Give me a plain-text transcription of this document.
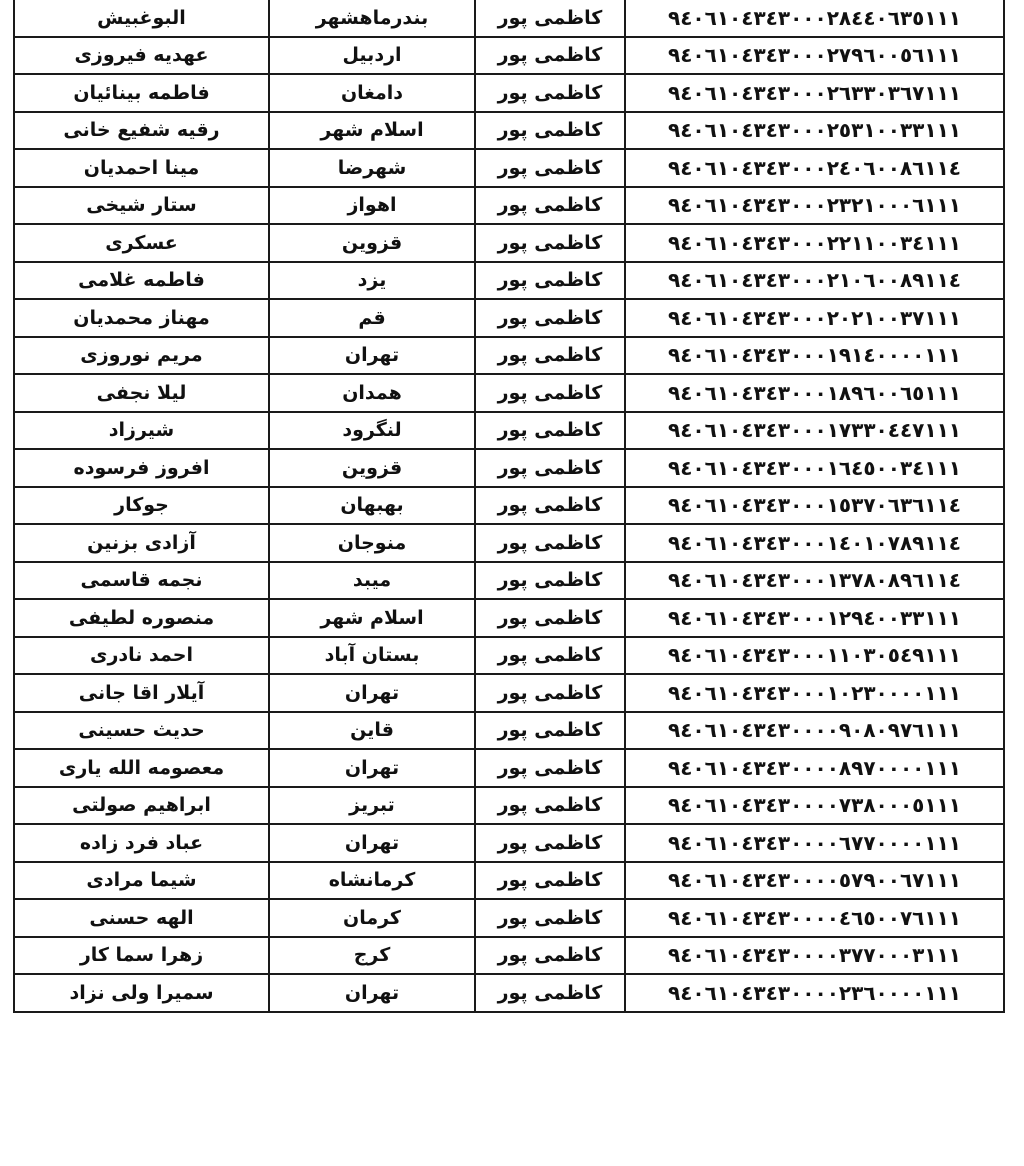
البوغبیش	بندرماهشهر	کاظمی پور	۹٤۰٦۱۰٤۳٤۳۰۰۰۲۸٤٤۰٦۳٥۱۱۱
عهدیه فیروزی	اردبیل	کاظمی پور	۹٤۰٦۱۰٤۳٤۳۰۰۰۲۷۹٦۰۰٥٦۱۱۱
فاطمه بینائیان	دامغان	کاظمی پور	۹٤۰٦۱۰٤۳٤۳۰۰۰۲٦۳۳۰۳٦۷۱۱۱
رقیه شفیع خانی	اسلام شهر	کاظمی پور	۹٤۰٦۱۰٤۳٤۳۰۰۰۲٥۳۱۰۰۳۳۱۱۱
مینا احمدیان	شهرضا	کاظمی پور	۹٤۰٦۱۰٤۳٤۳۰۰۰۲٤۰٦۰۰۸٦۱۱٤
ستار شیخی	اهواز	کاظمی پور	۹٤۰٦۱۰٤۳٤۳۰۰۰۲۳۲۱۰۰۰٦۱۱۱
عسکری	قزوین	کاظمی پور	۹٤۰٦۱۰٤۳٤۳۰۰۰۲۲۱۱۰۰۳٤۱۱۱
فاطمه غلامی	یزد	کاظمی پور	۹٤۰٦۱۰٤۳٤۳۰۰۰۲۱۰٦۰۰۸۹۱۱٤
مهناز محمدیان	قم	کاظمی پور	۹٤۰٦۱۰٤۳٤۳۰۰۰۲۰۲۱۰۰۳۷۱۱۱
مریم نوروزی	تهران	کاظمی پور	۹٤۰٦۱۰٤۳٤۳۰۰۰۱۹۱٤۰۰۰۰۱۱۱
لیلا نجفی	همدان	کاظمی پور	۹٤۰٦۱۰٤۳٤۳۰۰۰۱۸۹٦۰۰٦٥۱۱۱
شیرزاد	لنگرود	کاظمی پور	۹٤۰٦۱۰٤۳٤۳۰۰۰۱۷۳۳۰٤٤۷۱۱۱
افروز فرسوده	قزوین	کاظمی پور	۹٤۰٦۱۰٤۳٤۳۰۰۰۱٦٤٥۰۰۳٤۱۱۱
جوکار	بهبهان	کاظمی پور	۹٤۰٦۱۰٤۳٤۳۰۰۰۱٥۳۷۰٦۳٦۱۱٤
آزادی بزنین	منوجان	کاظمی پور	۹٤۰٦۱۰٤۳٤۳۰۰۰۱٤۰۱۰۷۸۹۱۱٤
نجمه قاسمی	میبد	کاظمی پور	۹٤۰٦۱۰٤۳٤۳۰۰۰۱۳۷۸۰۸۹٦۱۱٤
منصوره لطیفی	اسلام شهر	کاظمی پور	۹٤۰٦۱۰٤۳٤۳۰۰۰۱۲۹٤۰۰۳۳۱۱۱
احمد نادری	بستان آباد	کاظمی پور	۹٤۰٦۱۰٤۳٤۳۰۰۰۱۱۰۳۰٥٤۹۱۱۱
آیلار اقا جانی	تهران	کاظمی پور	۹٤۰٦۱۰٤۳٤۳۰۰۰۱۰۲۳۰۰۰۰۱۱۱
حدیث حسینی	قاین	کاظمی پور	۹٤۰٦۱۰٤۳٤۳۰۰۰۰۹۰۸۰۹۷٦۱۱۱
معصومه الله یاری	تهران	کاظمی پور	۹٤۰٦۱۰٤۳٤۳۰۰۰۰۸۹۷۰۰۰۰۱۱۱
ابراهیم صولتی	تبریز	کاظمی پور	۹٤۰٦۱۰٤۳٤۳۰۰۰۰۷۳۸۰۰۰٥۱۱۱
عباد فرد زاده	تهران	کاظمی پور	۹٤۰٦۱۰٤۳٤۳۰۰۰۰٦۷۷۰۰۰۰۱۱۱
شیما مرادی	کرمانشاه	کاظمی پور	۹٤۰٦۱۰٤۳٤۳۰۰۰۰٥۷۹۰۰٦۷۱۱۱
الهه حسنی	کرمان	کاظمی پور	۹٤۰٦۱۰٤۳٤۳۰۰۰۰٤٦٥۰۰۷٦۱۱۱
زهرا سما کار	کرج	کاظمی پور	۹٤۰٦۱۰٤۳٤۳۰۰۰۰۳۷۷۰۰۰۳۱۱۱
سمیرا ولی نزاد	تهران	کاظمی پور	۹٤۰٦۱۰٤۳٤۳۰۰۰۰۲۳٦۰۰۰۰۱۱۱
